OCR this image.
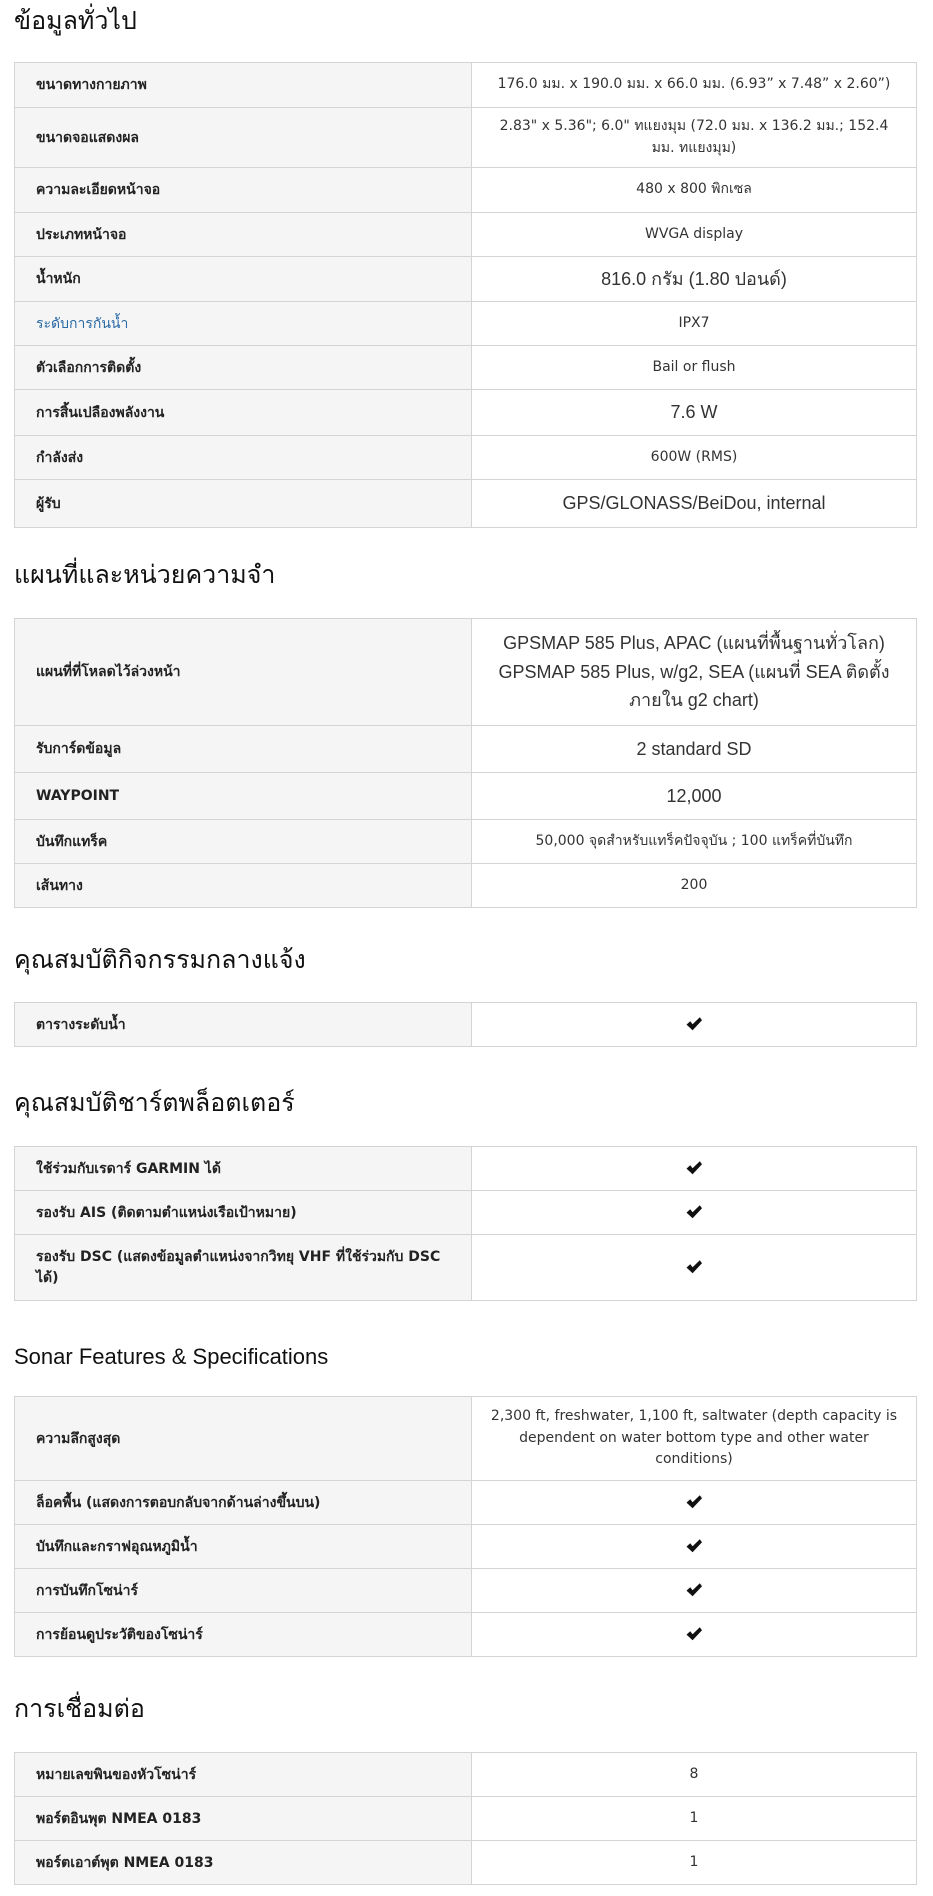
ข้อมูลทั่วไป
ขนาดทางกายภาพ	176.0 มม. x 190.0 มม. x 66.0 มม. (6.93” x 7.48” x 2.60”)
ขนาดจอแสดงผล	2.83" x 5.36"; 6.0" ทแยงมุม (72.0 มม. x 136.2 มม.; 152.4 มม. ทแยงมุม)
ความละเอียดหน้าจอ	480 x 800 พิกเซล
ประเภทหน้าจอ	WVGA display
น้ำหนัก	816.0 กรัม (1.80 ปอนด์)
ระดับการกันน้ำ	IPX7
ตัวเลือกการติดตั้ง	Bail or flush
การสิ้นเปลืองพลังงาน	7.6 W
กำลังส่ง	600W (RMS)
ผู้รับ	GPS/GLONASS/BeiDou, internal
แผนที่และหน่วยความจำ
แผนที่ที่โหลดไว้ล่วงหน้า	GPSMAP 585 Plus, APAC (แผนที่พื้นฐานทั่วโลก)
GPSMAP 585 Plus, w/g2, SEA (แผนที่ SEA ติดตั้งภายใน g2 chart)

รับการ์ดข้อมูล	2 standard SD
WAYPOINT	12,000
บันทึกแทร็ค	50,000 จุดสำหรับแทร็คปัจจุบัน ; 100 แทร็คที่บันทึก
เส้นทาง	200
คุณสมบัติกิจกรรมกลางแจ้ง
ตารางระดับน้ำ	
คุณสมบัติชาร์ตพล็อตเตอร์
ใช้ร่วมกับเรดาร์ GARMIN ได้	
รองรับ AIS (ติดตามตำแหน่งเรือเป้าหมาย)	
รองรับ DSC (แสดงข้อมูลตำแหน่งจากวิทยุ VHF ที่ใช้ร่วมกับ DSC ได้)	
Sonar Features & Specifications
ความลึกสูงสุด	2,300 ft, freshwater, 1,100 ft, saltwater (depth capacity is dependent on water bottom type and other water conditions)
ล็อคพื้น (แสดงการตอบกลับจากด้านล่างขึ้นบน)	
บันทึกและกราฟอุณหภูมิน้ำ	
การบันทึกโซน่าร์	
การย้อนดูประวัติของโซน่าร์	
การเชื่อมต่อ
หมายเลขพินของหัวโซน่าร์	8
พอร์ตอินพุต NMEA 0183	1
พอร์ตเอาต์พุต NMEA 0183	1
